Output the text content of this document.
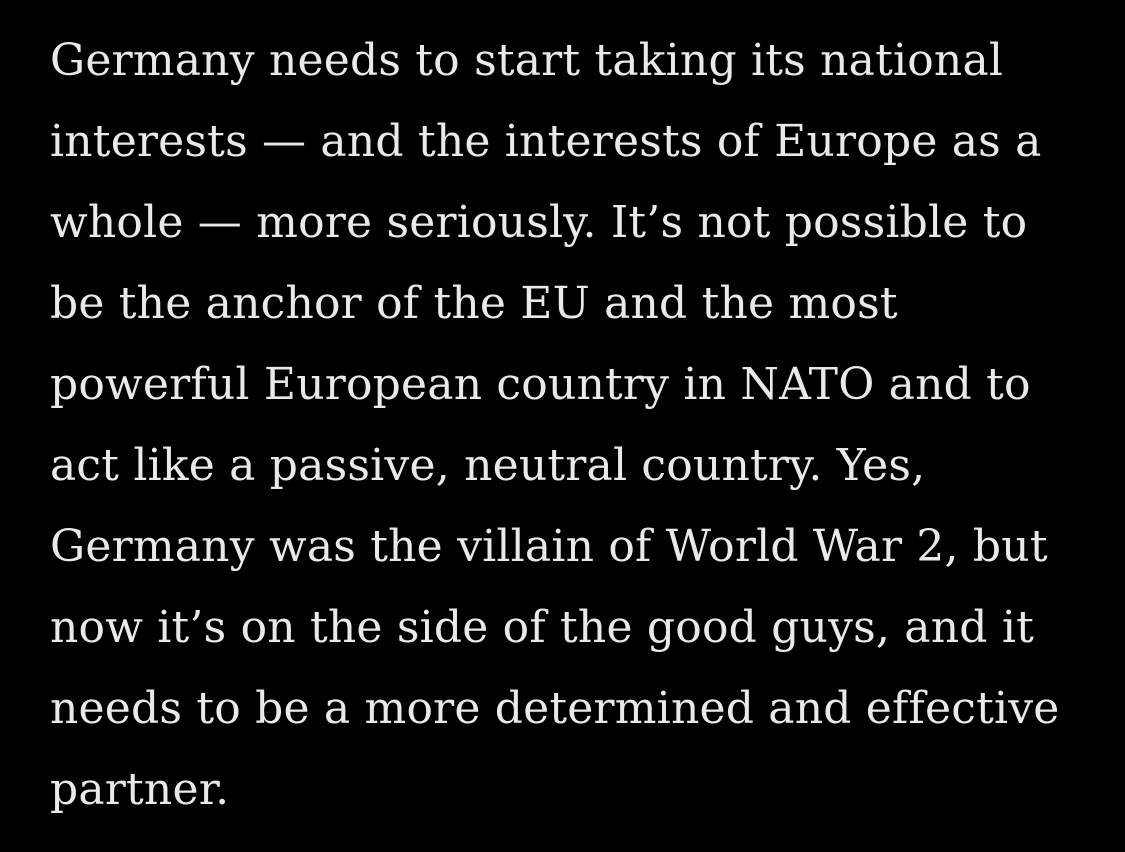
Germany needs to start taking its national
interests — and the interests of Europe as a
whole — more seriously. It’s not possible to
be the anchor of the EU and the most
powerful European country in NATO and to
act like a passive, neutral country. Yes,
Germany was the villain of World War 2, but
now it’s on the side of the good guys, and it
needs to be a more determined and effective
partner.
